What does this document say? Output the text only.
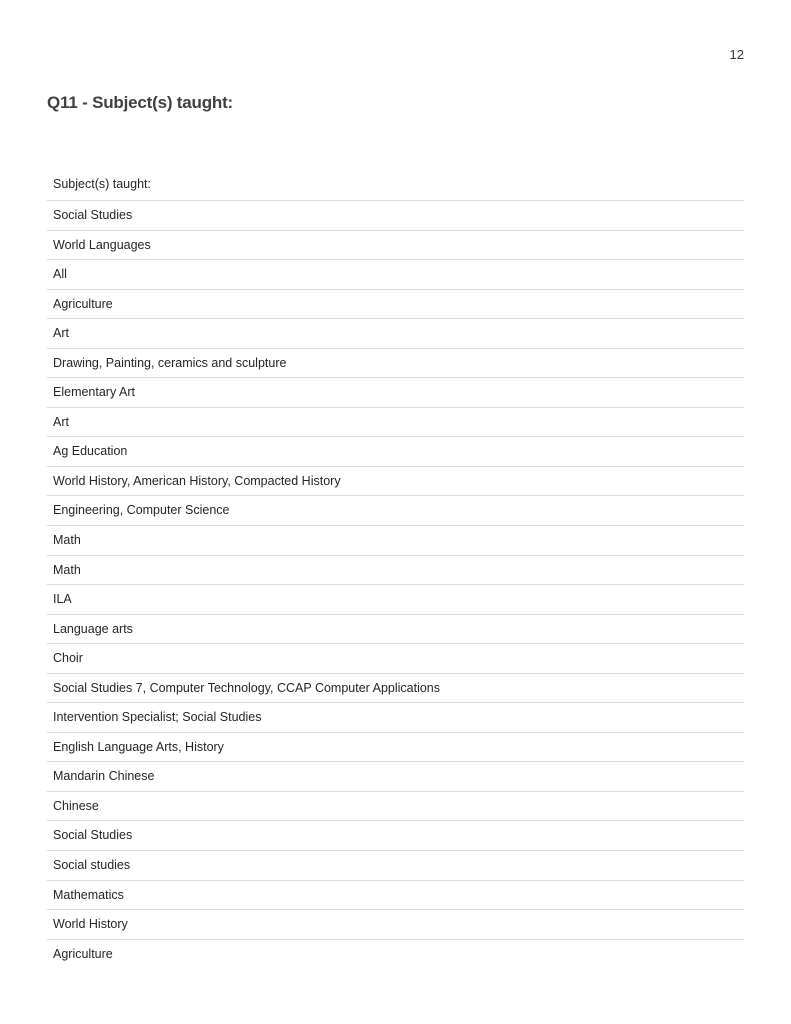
12
Q11 - Subject(s) taught:
Subject(s) taught:
Social Studies
World Languages
All
Agriculture
Art
Drawing, Painting, ceramics and sculpture
Elementary Art
Art
Ag Education
World History, American History, Compacted History
Engineering, Computer Science
Math
Math
ILA
Language arts
Choir
Social Studies 7, Computer Technology, CCAP Computer Applications
Intervention Specialist; Social Studies
English Language Arts, History
Mandarin Chinese
Chinese
Social Studies
Social studies
Mathematics
World History
Agriculture
